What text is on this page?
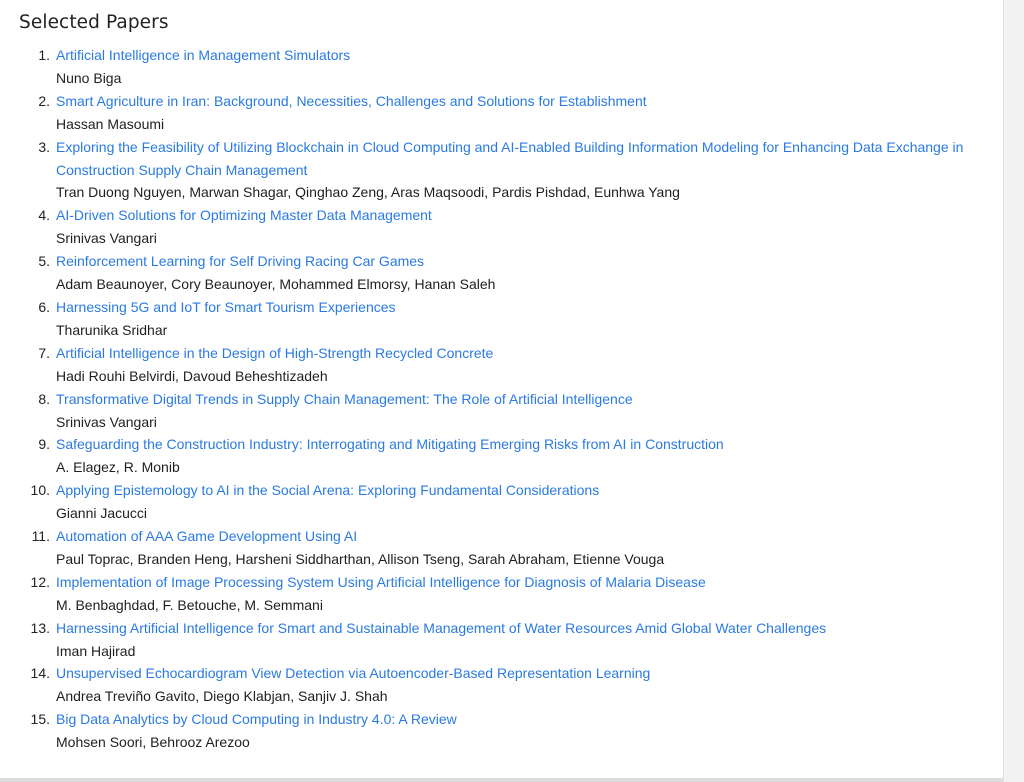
Selected Papers
1. Artificial Intelligence in Management Simulators
Nuno Biga
2. Smart Agriculture in Iran: Background, Necessities, Challenges and Solutions for Establishment
Hassan Masoumi
3. Exploring the Feasibility of Utilizing Blockchain in Cloud Computing and AI-Enabled Building Information Modeling for Enhancing Data Exchange in Construction Supply Chain Management
Tran Duong Nguyen, Marwan Shagar, Qinghao Zeng, Aras Maqsoodi, Pardis Pishdad, Eunhwa Yang
4. AI-Driven Solutions for Optimizing Master Data Management
Srinivas Vangari
5. Reinforcement Learning for Self Driving Racing Car Games
Adam Beaunoyer, Cory Beaunoyer, Mohammed Elmorsy, Hanan Saleh
6. Harnessing 5G and IoT for Smart Tourism Experiences
Tharunika Sridhar
7. Artificial Intelligence in the Design of High-Strength Recycled Concrete
Hadi Rouhi Belvirdi, Davoud Beheshtizadeh
8. Transformative Digital Trends in Supply Chain Management: The Role of Artificial Intelligence
Srinivas Vangari
9. Safeguarding the Construction Industry: Interrogating and Mitigating Emerging Risks from AI in Construction
A. Elagez, R. Monib
10. Applying Epistemology to AI in the Social Arena: Exploring Fundamental Considerations
Gianni Jacucci
11. Automation of AAA Game Development Using AI
Paul Toprac, Branden Heng, Harsheni Siddharthan, Allison Tseng, Sarah Abraham, Etienne Vouga
12. Implementation of Image Processing System Using Artificial Intelligence for Diagnosis of Malaria Disease
M. Benbaghdad, F. Betouche, M. Semmani
13. Harnessing Artificial Intelligence for Smart and Sustainable Management of Water Resources Amid Global Water Challenges
Iman Hajirad
14. Unsupervised Echocardiogram View Detection via Autoencoder-Based Representation Learning
Andrea Treviño Gavito, Diego Klabjan, Sanjiv J. Shah
15. Big Data Analytics by Cloud Computing in Industry 4.0: A Review
Mohsen Soori, Behrooz Arezoo
